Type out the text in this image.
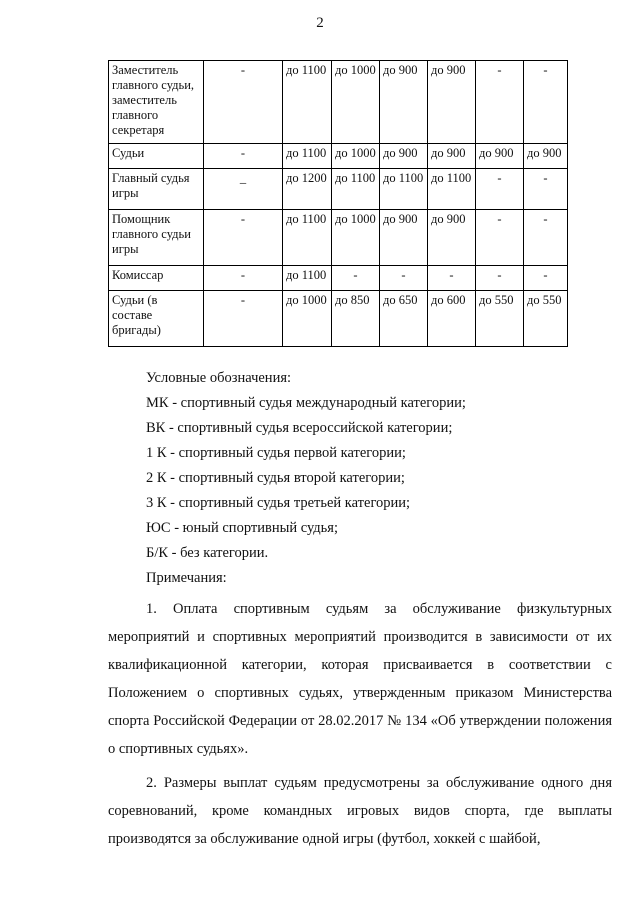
2
Заместитель главного судьи, заместитель главного секретаря	-	до 1100	до 1000	до 900	до 900	-	-
Судьи	-	до 1100	до 1000	до 900	до 900	до 900	до 900
Главный судья игры	_	до 1200	до 1100	до 1100	до 1100	-	-
Помощник главного судьи игры	-	до 1100	до 1000	до 900	до 900	-	-
Комиссар	-	до 1100	-	-	-	-	-
Судьи (в составе бригады)	-	до 1000	до 850	до 650	до 600	до 550	до 550

Условные обозначения:

МК - спортивный судья международный категории;

ВК - спортивный судья всероссийской категории;

1 К - спортивный судья первой категории;

2 К - спортивный судья второй категории;

3 К - спортивный судья третьей категории;

ЮС - юный спортивный судья;

Б/К - без категории.

Примечания:

1. Оплата спортивным судьям за обслуживание физкультурных мероприятий и спортивных мероприятий производится в зависимости от их квалификационной категории, которая присваивается в соответствии с Положением о спортивных судьях, утвержденным приказом Министерства спорта Российской Федерации от 28.02.2017 № 134 «Об утверждении положения о спортивных судьях».

2. Размеры выплат судьям предусмотрены за обслуживание одного дня соревнований, кроме командных игровых видов спорта, где выплаты производятся за обслуживание одной игры (футбол, хоккей с шайбой,
